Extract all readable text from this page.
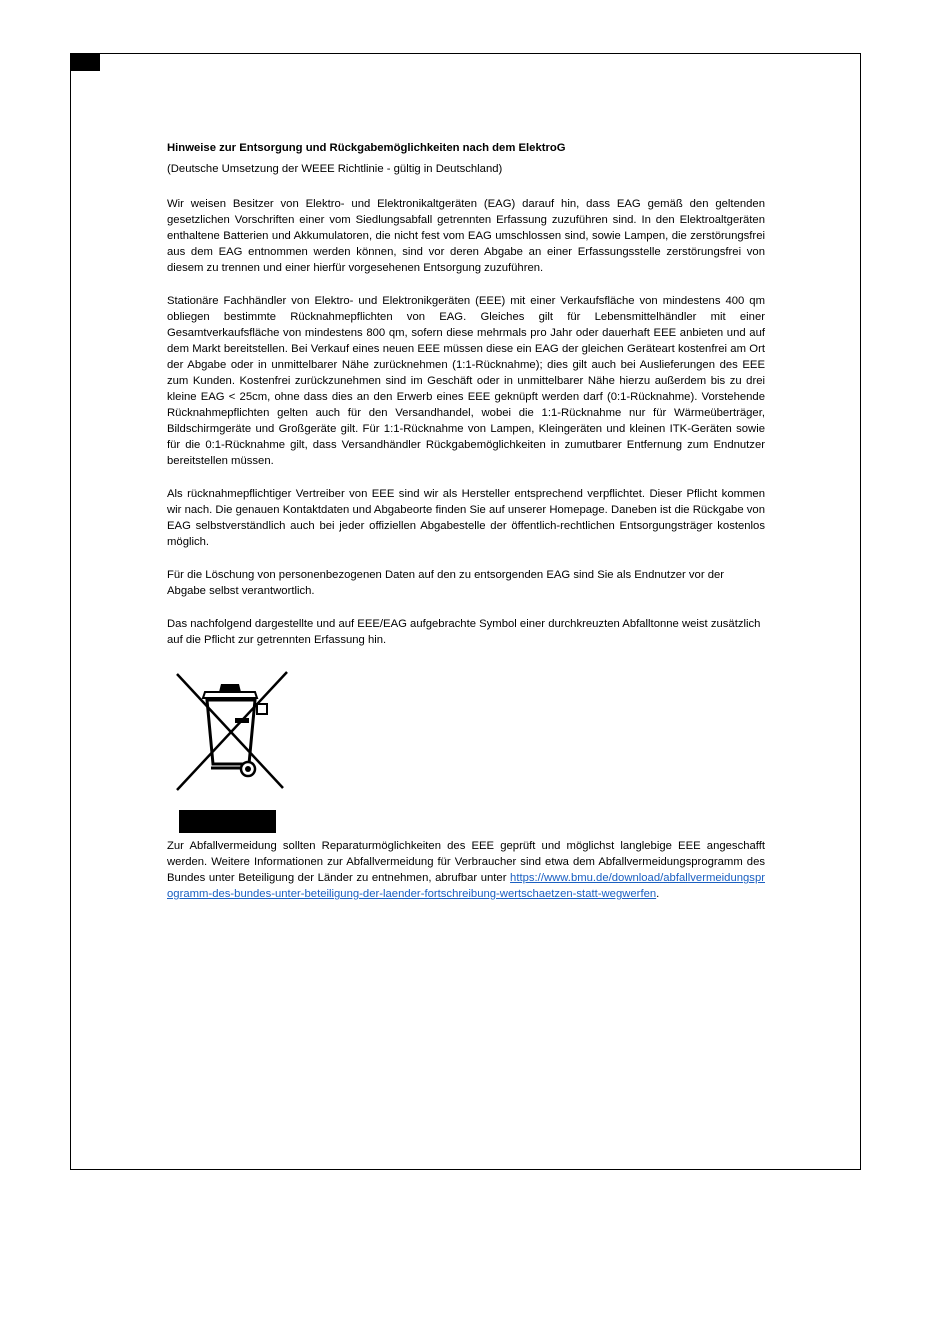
Hinweise zur Entsorgung und Rückgabemöglichkeiten nach dem ElektroG
(Deutsche Umsetzung der WEEE Richtlinie - gültig in Deutschland)

Wir weisen Besitzer von Elektro- und Elektronikaltgeräten (EAG) darauf hin, dass EAG gemäß den geltenden gesetzlichen Vorschriften einer vom Siedlungsabfall getrennten Erfassung zuzuführen sind. In den Elektroaltgeräten enthaltene Batterien und Akkumulatoren, die nicht fest vom EAG umschlossen sind, sowie Lampen, die zerstörungsfrei aus dem EAG entnommen werden können, sind vor deren Abgabe an einer Erfassungsstelle zerstörungsfrei von diesem zu trennen und einer hierfür vorgesehenen Entsorgung zuzuführen.

Stationäre Fachhändler von Elektro- und Elektronikgeräten (EEE) mit einer Verkaufsfläche von mindestens 400 qm obliegen bestimmte Rücknahmepflichten von EAG. Gleiches gilt für Lebensmittelhändler mit einer Gesamtverkaufsfläche von mindestens 800 qm, sofern diese mehrmals pro Jahr oder dauerhaft EEE anbieten und auf dem Markt bereitstellen. Bei Verkauf eines neuen EEE müssen diese ein EAG der gleichen Geräteart kostenfrei am Ort der Abgabe oder in unmittelbarer Nähe zurücknehmen (1:1-Rücknahme); dies gilt auch bei Auslieferungen des EEE zum Kunden. Kostenfrei zurückzunehmen sind im Geschäft oder in unmittelbarer Nähe hierzu außerdem bis zu drei kleine EAG < 25cm, ohne dass dies an den Erwerb eines EEE geknüpft werden darf (0:1-Rücknahme). Vorstehende Rücknahmepflichten gelten auch für den Versandhandel, wobei die 1:1-Rücknahme nur für Wärmeüberträger, Bildschirmgeräte und Großgeräte gilt. Für 1:1-Rücknahme von Lampen, Kleingeräten und kleinen ITK-Geräten sowie für die 0:1-Rücknahme gilt, dass Versandhändler Rückgabemöglichkeiten in zumutbarer Entfernung zum Endnutzer bereitstellen müssen.

Als rücknahmepflichtiger Vertreiber von EEE sind wir als Hersteller entsprechend verpflichtet. Dieser Pflicht kommen wir nach. Die genauen Kontaktdaten und Abgabeorte finden Sie auf unserer Homepage. Daneben ist die Rückgabe von EAG selbstverständlich auch bei jeder offiziellen Abgabestelle der öffentlich-rechtlichen Entsorgungsträger kostenlos möglich.

Für die Löschung von personenbezogenen Daten auf den zu entsorgenden EAG sind Sie als Endnutzer vor der Abgabe selbst verantwortlich.

Das nachfolgend dargestellte und auf EEE/EAG aufgebrachte Symbol einer durchkreuzten Abfalltonne weist zusätzlich auf die Pflicht zur getrennten Erfassung hin.

Zur Abfallvermeidung sollten Reparaturmöglichkeiten des EEE geprüft und möglichst langlebige EEE angeschafft werden. Weitere Informationen zur Abfallvermeidung für Verbraucher sind etwa dem Abfallvermeidungsprogramm des Bundes unter Beteiligung der Länder zu entnehmen, abrufbar unter https://www.bmu.de/download/abfallvermeidungsprogramm-des-bundes-unter-beteiligung-der-laender-fortschreibung-wertschaetzen-statt-wegwerfen.
